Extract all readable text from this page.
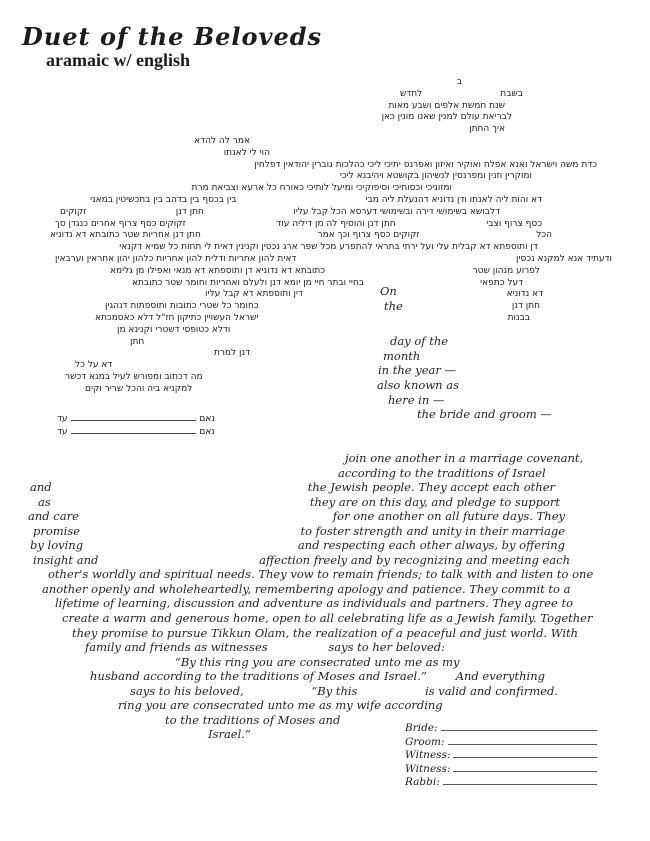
Duet of the Beloveds
aramaic w/ english
ב
בשבת
לחדש
שנת חמשת אלפים ושבע מאות
לבריאת עולם למנין שאנו מונין כאן
איך החתן
אמר לה להדא
הוי לי לאנתו
כדת משה וישראל ואנא אפלח ואוקיר ואיזון ואפרנס יתיכי ליכי כהלכות גוברין יהודאין דפלחין
ומוקרין וזנין ומפרנסין לנשיהון בקושטא ויהיבנא ליכי
ומזוניכי וכסותיכי וסיפוקיכי ומיעל לותיכי כאורח כל ארעא וצביאת מרת
דא והות ליה לאנתו ודן נדוניא דהנעלת ליה מבי
בין בכסף בין בדהב בין בתכשיטין במאני
דלבושא בשימושי דירה ובשימושי דערסא הכל קבל עליו
חתן דנן
זקוקים
כסף צרוף וצבי
חתן דנן והוסיף לה מן דיליה עוד
זקוקים כסף צרוף אחרים כנגדן סך
הכל
זקוקים כסף צרוף וכך אמר
חתן דנן אחריות שטר כתובתא דא נדוניא
דן ותוספתא דא קבלית עלי ועל ירתי בתראי להתפרע מכל שפר ארג נכסין וקנינין דאית לי תחות כל שמיא דקנאי
ודעתיד אנא למקנא נכסין
דאית להון אחריות ודלית להון אחריות כלהון יהון אחראין וערבאין
לפרוע מנהון שטר
כתובתא דא נדוניא דן ותוספתא דא מנאי ואפילו מן גלימא
דעל כתפאי
בחיי ובתר חיי מן יומא דנן ולעלם ואחריות וחומר שטר כתובתא
דא נדוניא
דין ותוספתא דא קבל עליו
חתן דנן
כחומר כל שטרי כתובות ותוספתות דנהגין
בבנות
ישראל העשויין כתיקון חז"ל דלא כאסמכתא
ודלא כטופסי דשטרי וקנינא מן
חתן
דנן למרת
דא על כל
מה דכתוב ומפורש לעיל במנא דכשר
למקניא ביה והכל שריר וקים
On
the
day of the
month
in the year —
also known as
here in —
the bride and groom —
נאם
עד
נאם
עד
join one another in a marriage covenant,
according to the traditions of Israel
and	the Jewish people. They accept each other
as	they are on this day, and pledge to support
and care	for one another on all future days. They
promise	to foster strength and unity in their marriage
by loving	and respecting each other always, by offering
insight and	affection freely and by recognizing and meeting each
other's worldly and spiritual needs. They vow to remain friends; to talk with and listen to one
another openly and wholeheartedly, remembering apology and patience. They commit to a
lifetime of learning, discussion and adventure as individuals and partners. They agree to
create a warm and generous home, open to all celebrating life as a Jewish family. Together
they promise to pursue Tikkun Olam, the realization of a peaceful and just world. With
family and friends as witnesses	says to her beloved:
“By this ring you are consecrated unto me as my
husband according to the traditions of Moses and Israel.”	And everything
says to his beloved,	“By this	is valid and confirmed.
ring you are consecrated unto me as my wife according
to the traditions of Moses and
Israel.”	Bride:
Groom:
Witness:
Witness:
Rabbi:
